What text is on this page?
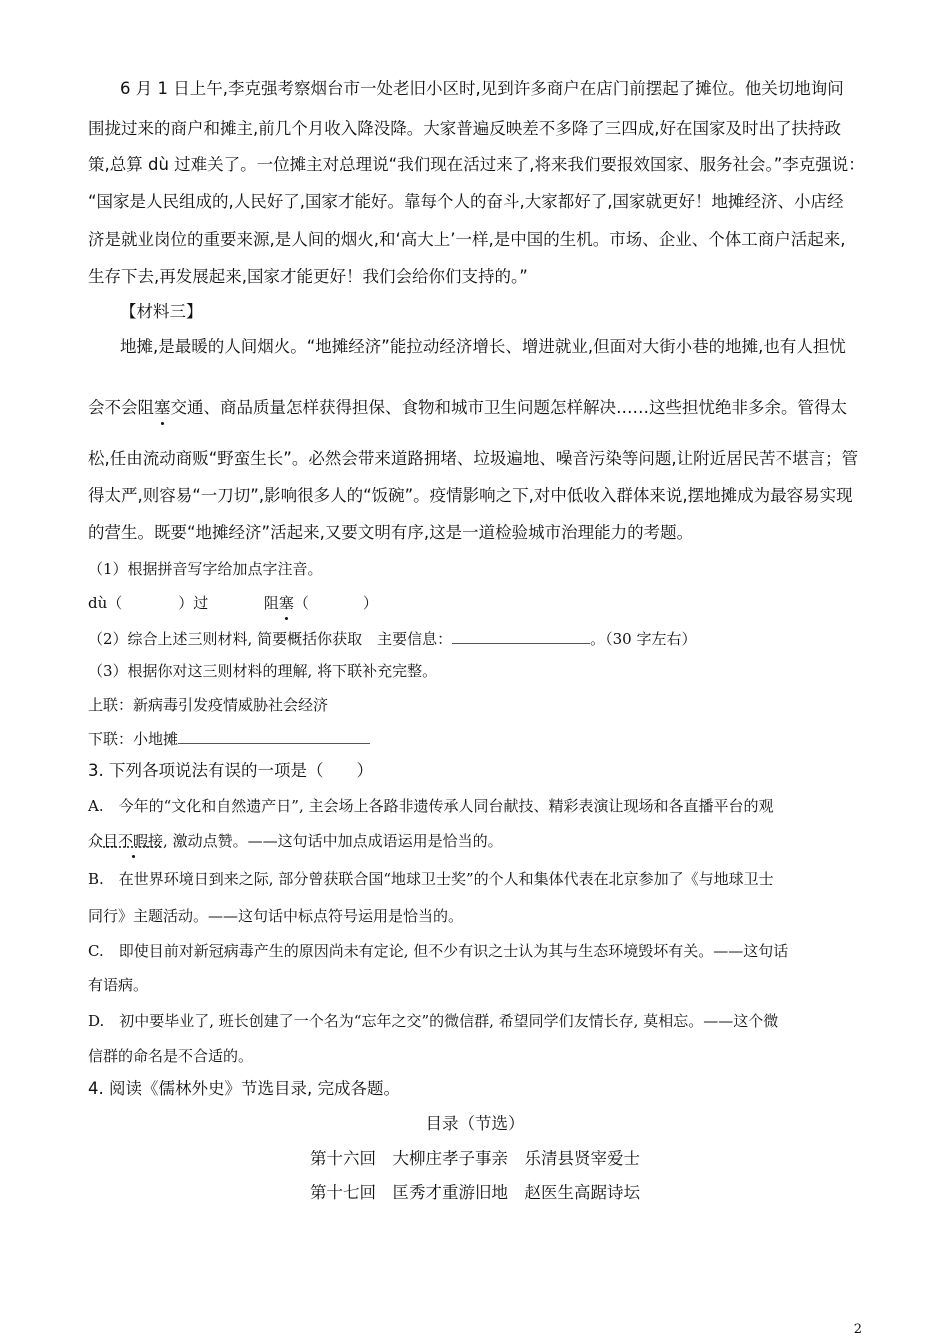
6 月 1 日上午,李克强考察烟台市一处老旧小区时,见到许多商户在店门前摆起了摊位。他关切地询问
围拢过来的商户和摊主,前几个月收入降没降。大家普遍反映差不多降了三四成,好在国家及时出了扶持政
策,总算 dù 过难关了。一位摊主对总理说“我们现在活过来了,将来我们要报效国家、服务社会。”李克强说：
“国家是人民组成的,人民好了,国家才能好。靠每个人的奋斗,大家都好了,国家就更好！地摊经济、小店经
济是就业岗位的重要来源,是人间的烟火,和‘高大上’一样,是中国的生机。市场、企业、个体工商户活起来,
生存下去,再发展起来,国家才能更好！我们会给你们支持的。”
【材料三】
地摊,是最暖的人间烟火。“地摊经济”能拉动经济增长、增进就业,但面对大街小巷的地摊,也有人担忧
会不会阻塞交通、商品质量怎样获得担保、食物和城市卫生问题怎样解决……这些担忧绝非多余。管得太
松,任由流动商贩“野蛮生长”。必然会带来道路拥堵、垃圾遍地、噪音污染等问题,让附近居民苦不堪言；管
得太严,则容易“一刀切”,影响很多人的“饭碗”。疫情影响之下,对中低收入群体来说,摆地摊成为最容易实现
的营生。既要“地摊经济”活起来,又要文明有序,这是一道检验城市治理能力的考题。
（1）根据拼音写字给加点字注音。
dù（	）过	阻塞（	）
（2）综合上述三则材料, 简要概括你获取　主要信息：	。（30 字左右）
（3）根据你对这三则材料的理解, 将下联补充完整。
上联：新病毒引发疫情威胁社会经济
下联：小地摊
3. 下列各项说法有误的一项是（　　）
A.　今年的“文化和自然遗产日”, 主会场上各路非遗传承人同台献技、精彩表演让现场和各直播平台的观
众目不暇接, 激动点赞。——这句话中加点成语运用是恰当的。
B.　在世界环境日到来之际, 部分曾获联合国“地球卫士奖”的个人和集体代表在北京参加了《与地球卫士
同行》主题活动。——这句话中标点符号运用是恰当的。
C.　即使目前对新冠病毒产生的原因尚未有定论, 但不少有识之士认为其与生态环境毁坏有关。——这句话
有语病。
D.　初中要毕业了, 班长创建了一个名为“忘年之交”的微信群, 希望同学们友情长存, 莫相忘。——这个微
信群的命名是不合适的。
4. 阅读《儒林外史》节选目录, 完成各题。
目录（节选）
第十六回　大柳庄孝子事亲　乐清县贤宰爱士
第十七回　匡秀才重游旧地　赵医生高踞诗坛
2
